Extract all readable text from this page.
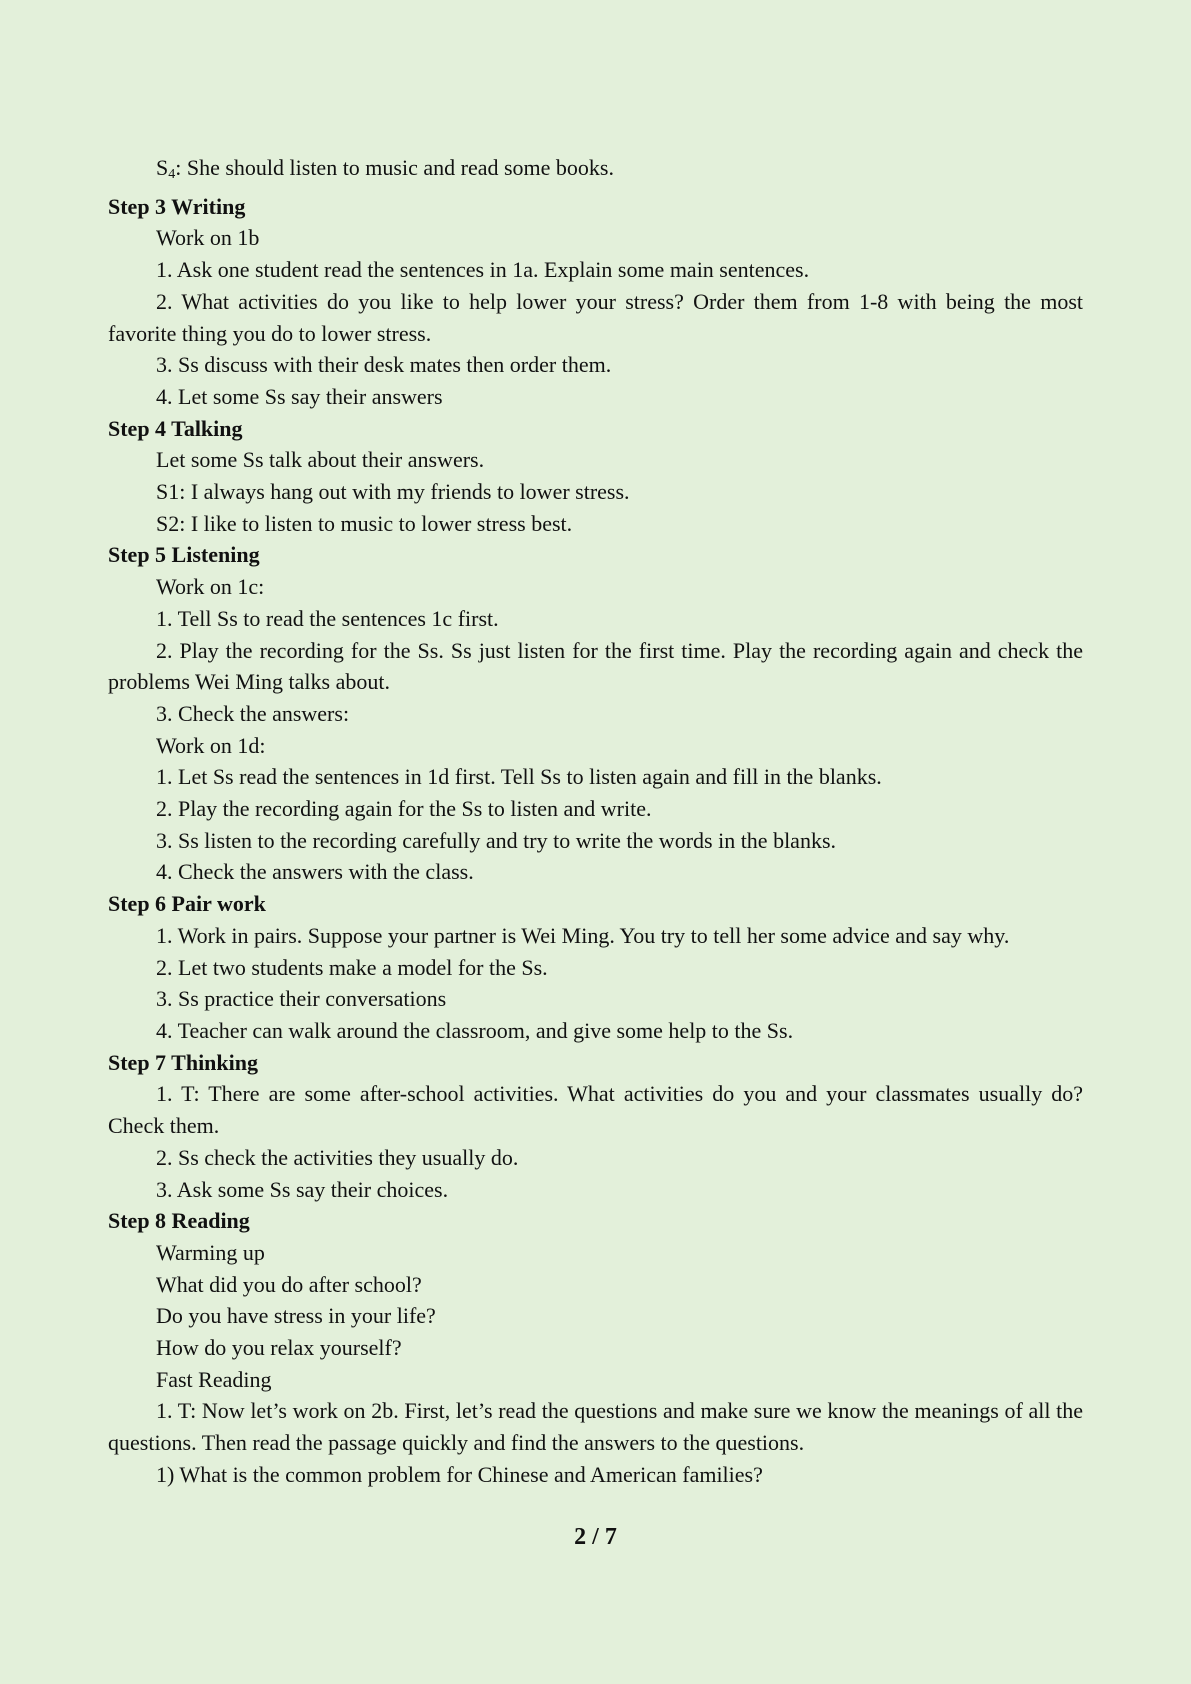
$S_4$: She should listen to music and read some books.
Step 3 Writing
Work on 1b
1. Ask one student read the sentences in 1a. Explain some main sentences.
2. What activities do you like to help lower your stress? Order them from 1-8 with being the most favorite thing you do to lower stress.
3. Ss discuss with their desk mates then order them.
4. Let some Ss say their answers
Step 4 Talking
Let some Ss talk about their answers.
S1: I always hang out with my friends to lower stress.
S2: I like to listen to music to lower stress best.
Step 5 Listening
Work on 1c:
1. Tell Ss to read the sentences 1c first.
2. Play the recording for the Ss. Ss just listen for the first time. Play the recording again and check the problems Wei Ming talks about.
3. Check the answers:
Work on 1d:
1. Let Ss read the sentences in 1d first. Tell Ss to listen again and fill in the blanks.
2. Play the recording again for the Ss to listen and write.
3. Ss listen to the recording carefully and try to write the words in the blanks.
4. Check the answers with the class.
Step 6 Pair work
1. Work in pairs. Suppose your partner is Wei Ming. You try to tell her some advice and say why.
2. Let two students make a model for the Ss.
3. Ss practice their conversations
4. Teacher can walk around the classroom, and give some help to the Ss.
Step 7 Thinking
1. T: There are some after-school activities. What activities do you and your classmates usually do? Check them.
2. Ss check the activities they usually do.
3. Ask some Ss say their choices.
Step 8 Reading
Warming up
What did you do after school?
Do you have stress in your life?
How do you relax yourself?
Fast Reading
1. T: Now let’s work on 2b. First, let’s read the questions and make sure we know the meanings of all the questions. Then read the passage quickly and find the answers to the questions.
1) What is the common problem for Chinese and American families?
2 / 7
